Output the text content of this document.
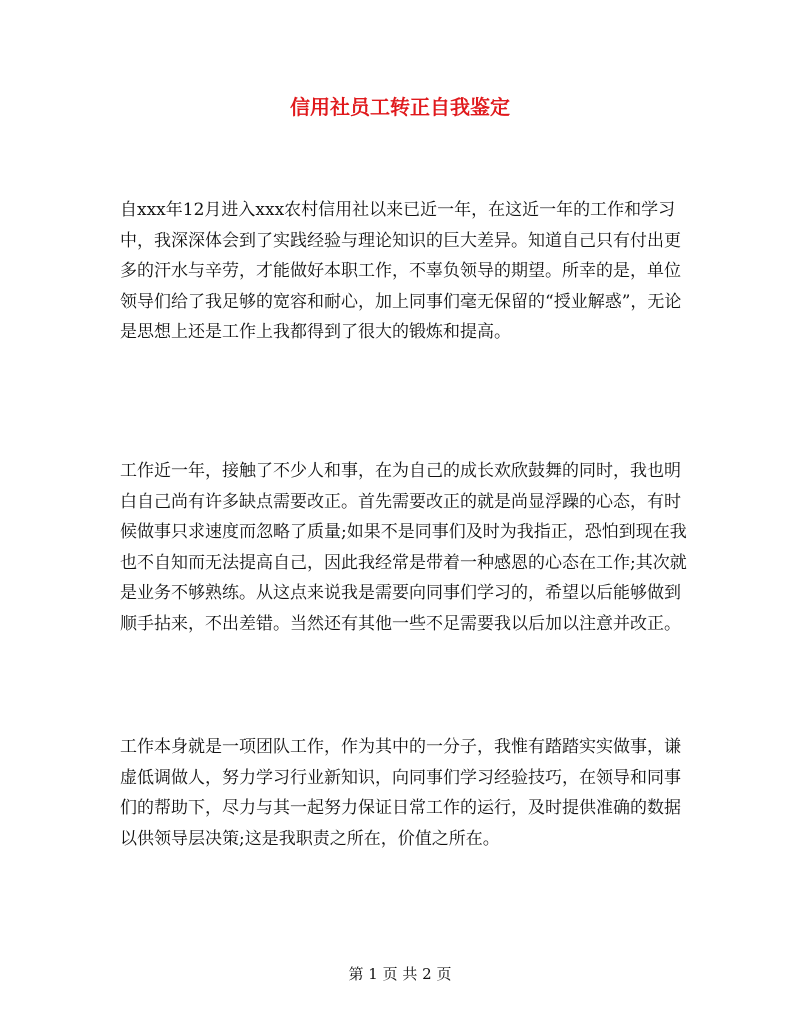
信用社员工转正自我鉴定

自xxx年12月进入xxx农村信用社以来已近一年，在这近一年的工作和学习中，我深深体会到了实践经验与理论知识的巨大差异。知道自己只有付出更多的汗水与辛劳，才能做好本职工作，不辜负领导的期望。所幸的是，单位领导们给了我足够的宽容和耐心，加上同事们毫无保留的“授业解惑”，无论是思想上还是工作上我都得到了很大的锻炼和提高。

工作近一年，接触了不少人和事，在为自己的成长欢欣鼓舞的同时，我也明白自己尚有许多缺点需要改正。首先需要改正的就是尚显浮躁的心态，有时候做事只求速度而忽略了质量;如果不是同事们及时为我指正，恐怕到现在我也不自知而无法提高自己，因此我经常是带着一种感恩的心态在工作;其次就是业务不够熟练。从这点来说我是需要向同事们学习的，希望以后能够做到顺手拈来，不出差错。当然还有其他一些不足需要我以后加以注意并改正。

工作本身就是一项团队工作，作为其中的一分子，我惟有踏踏实实做事，谦虚低调做人，努力学习行业新知识，向同事们学习经验技巧，在领导和同事们的帮助下，尽力与其一起努力保证日常工作的运行，及时提供准确的数据以供领导层决策;这是我职责之所在，价值之所在。

第 1 页 共 2 页
